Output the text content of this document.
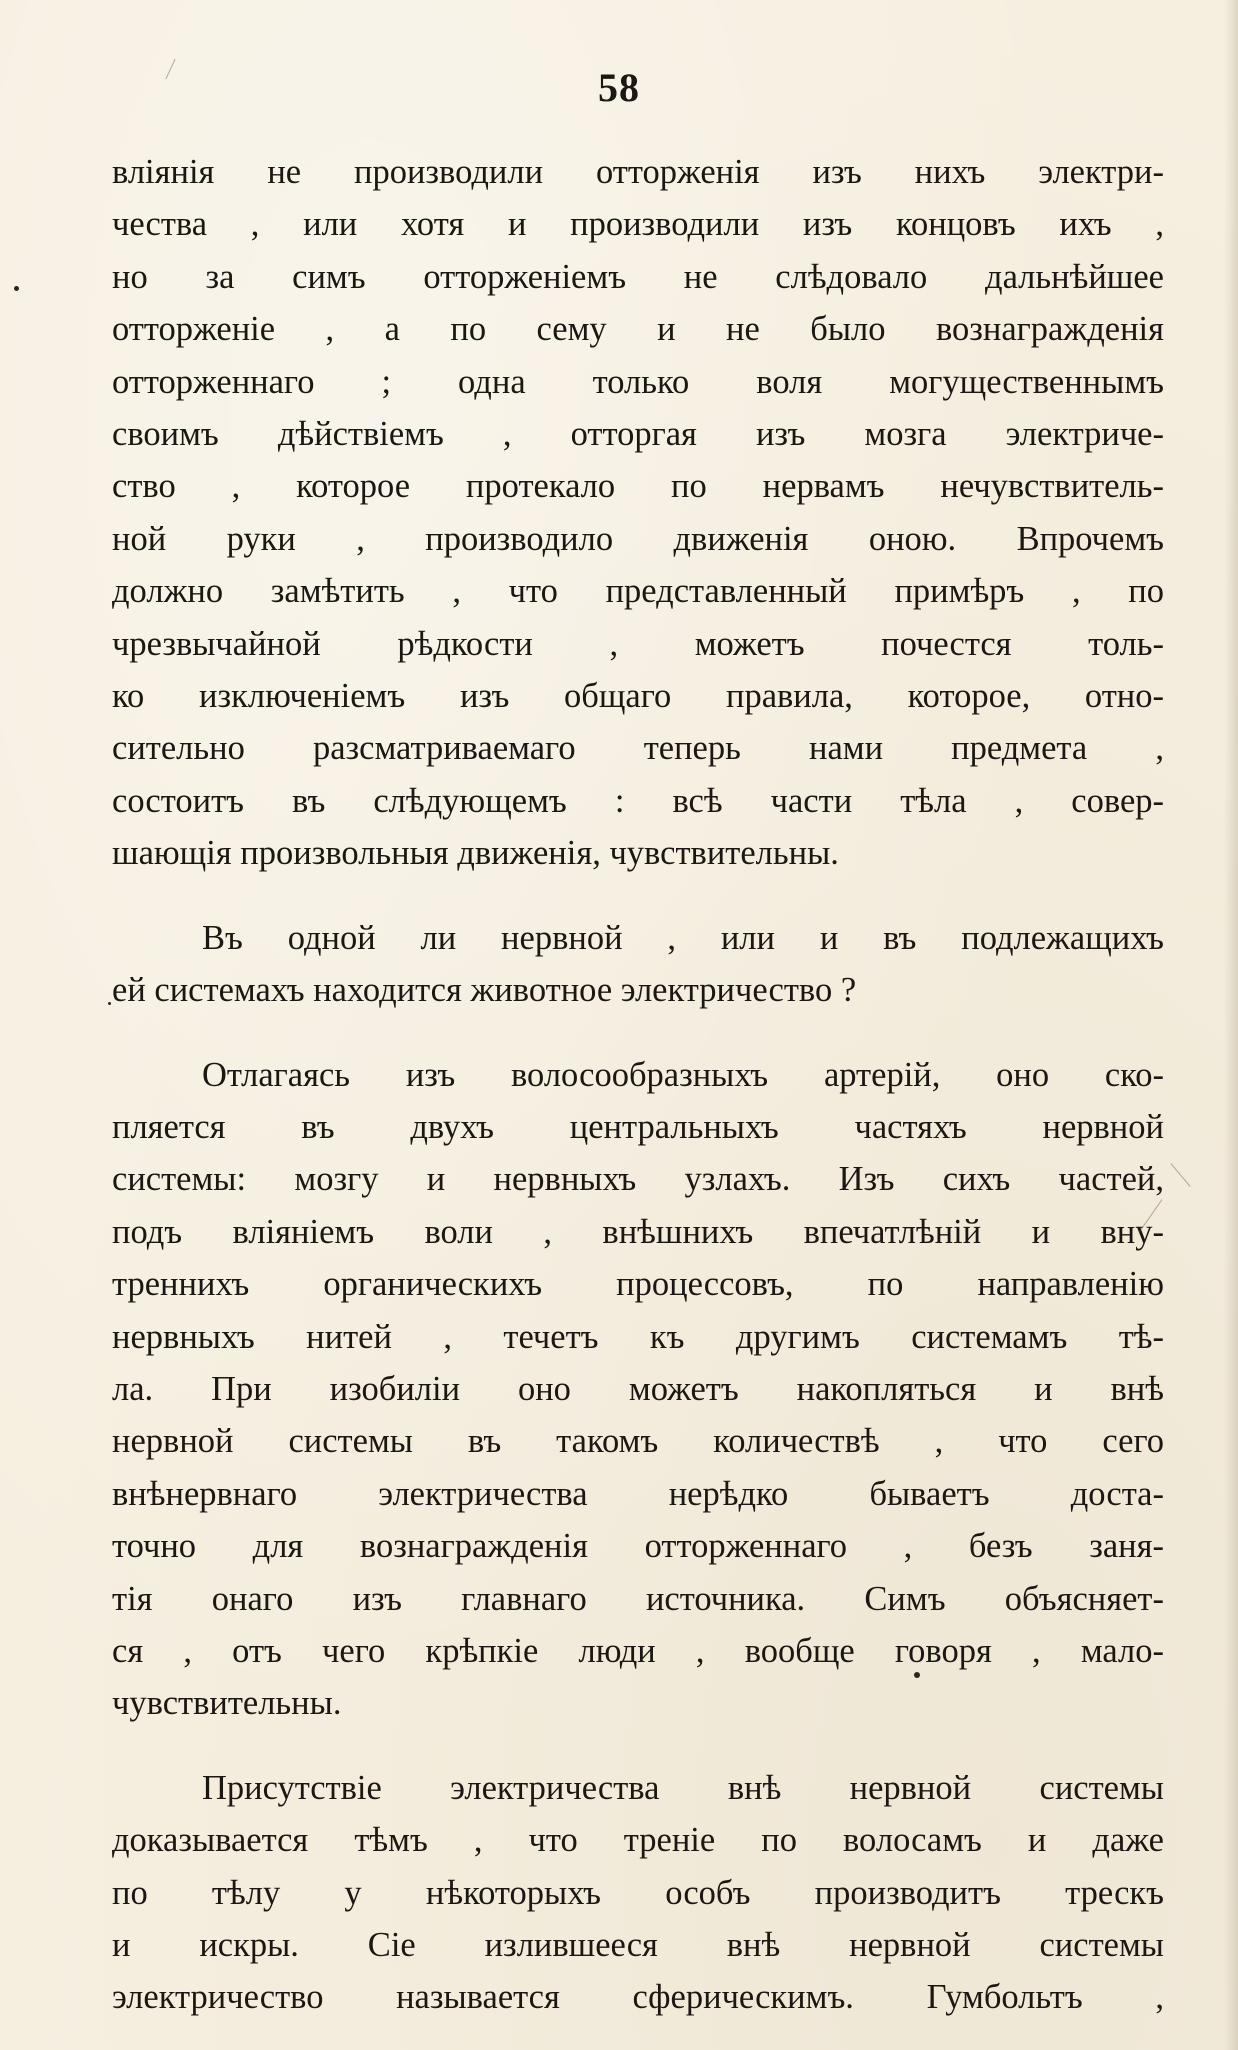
58

вліянія не производили отторженія изъ нихъ электри-
чества , или хотя и производили изъ концовъ ихъ ,
но за симъ отторженіемъ не слѣдовало дальнѣйшее
отторженіе , а по сему и не было вознагражденія
отторженнаго ; одна только воля могущественнымъ
своимъ дѣйствіемъ , отторгая изъ мозга электриче-
ство , которое протекало по нервамъ нечувствитель-
ной руки , производило движенія оною. Впрочемъ
должно замѣтить , что представленный примѣръ , по
чрезвычайной рѣдкости , можетъ почестся толь-
ко изключеніемъ изъ общаго правила, которое, отно-
сительно разсматриваемаго теперь нами предмета ,
состоитъ въ слѣдующемъ : всѣ части тѣла , совер-
шающія произвольныя движенія, чувствительны.

Въ одной ли нервной , или и въ подлежащихъ
ей системахъ находится животное электричество ?

Отлагаясь изъ волосообразныхъ артерій, оно ско-
пляется въ двухъ центральныхъ частяхъ нервной
системы: мозгу и нервныхъ узлахъ. Изъ сихъ частей,
подъ вліяніемъ воли , внѣшнихъ впечатлѣній и вну-
треннихъ органическихъ процессовъ, по направленію
нервныхъ нитей , течетъ къ другимъ системамъ тѣ-
ла. При изобиліи оно можетъ накопляться и внѣ
нервной системы въ такомъ количествѣ , что сего
внѣнервнаго электричества нерѣдко бываетъ доста-
точно для вознагражденія отторженнаго , безъ заня-
тія онаго изъ главнаго источника. Симъ объясняет-
ся , отъ чего крѣпкіе люди , вообще говоря , мало-
чувствительны.

Присутствіе электричества внѣ нервной системы
доказывается тѣмъ , что треніе по волосамъ и даже
по тѣлу у нѣкоторыхъ особъ производитъ трескъ
и искры. Сіе излившееся внѣ нервной системы
электричество называется сферическимъ. Гумбольтъ ,
